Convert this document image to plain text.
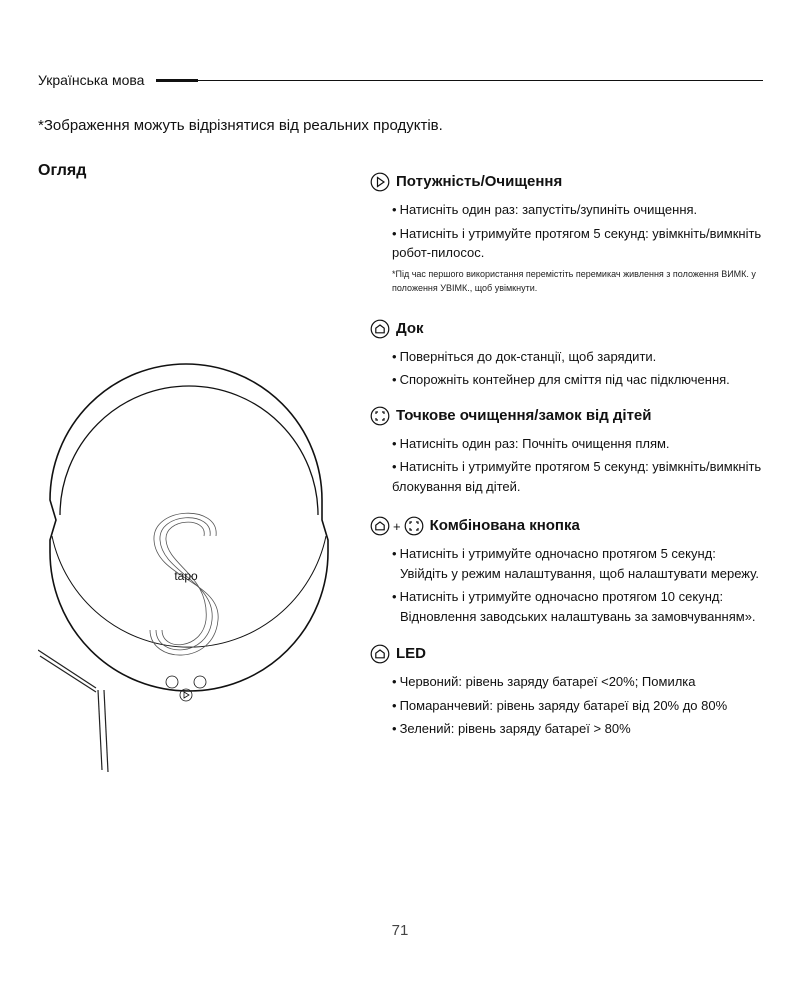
Українська мова
*Зображення можуть відрізнятися від реальних продуктів.
Огляд
tapo
Потужність/Очищення
• Натисніть один раз: запустіть/зупиніть очищення.
• Натисніть і утримуйте протягом 5 секунд: увімкніть/вимкніть робот-пилосос.
*Під час першого використання перемістіть перемикач живлення з положення ВИМК. у положення УВІМК., щоб увімкнути.
Док
• Поверніться до док-станції, щоб зарядити.
• Спорожніть контейнер для сміття під час підключення.
Точкове очищення/замок від дітей
• Натисніть один раз: Почніть очищення плям.
• Натисніть і утримуйте протягом 5 секунд: увімкніть/вимкніть блокування від дітей.
+ Комбінована кнопка
• Натисніть і утримуйте одночасно протягом 5 секунд:
Увійдіть у режим налаштування, щоб налаштувати мережу.
• Натисніть і утримуйте одночасно протягом 10 секунд:
Відновлення заводських налаштувань за замовчуванням».
LED
• Червоний: рівень заряду батареї <20%; Помилка
• Помаранчевий: рівень заряду батареї від 20% до 80%
• Зелений: рівень заряду батареї > 80%
71
